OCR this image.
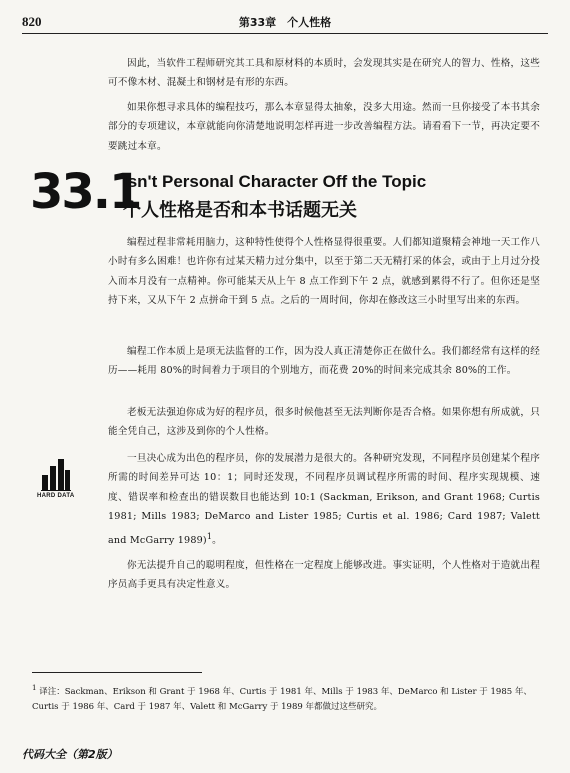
820	第33章　个人性格

因此，当软件工程师研究其工具和原材料的本质时，会发现其实是在研究人的智力、性格，这些可不像木材、混凝土和钢材是有形的东西。

如果你想寻求具体的编程技巧，那么本章显得太抽象，没多大用途。然而一旦你接受了本书其余部分的专项建议，本章就能向你清楚地说明怎样再进一步改善编程方法。请看看下一节，再决定要不要跳过本章。

33.1
Isn't Personal Character Off the Topic
个人性格是否和本书话题无关

编程过程非常耗用脑力，这种特性使得个人性格显得很重要。人们都知道聚精会神地一天工作八小时有多么困难！也许你有过某天精力过分集中，以至于第二天无精打采的体会，或由于上月过分投入而本月没有一点精神。你可能某天从上午 8 点工作到下午 2 点，就感到累得不行了。但你还是坚持下来，又从下午 2 点拼命干到 5 点。之后的一周时间，你却在修改这三小时里写出来的东西。

编程工作本质上是项无法监督的工作，因为没人真正清楚你正在做什么。我们都经常有这样的经历——耗用 80%的时间着力于项目的个别地方，而花费 20%的时间来完成其余 80%的工作。

老板无法强迫你成为好的程序员，很多时候他甚至无法判断你是否合格。如果你想有所成就，只能全凭自己，这涉及到你的个人性格。

HARD DATA

一旦决心成为出色的程序员，你的发展潜力是很大的。各种研究发现，不同程序员创建某个程序所需的时间差异可达 10：1；同时还发现，不同程序员调试程序所需的时间、程序实现规模、速度、错误率和检查出的错误数目也能达到 10:1 (Sackman, Erikson, and Grant 1968; Curtis 1981; Mills 1983; DeMarco and Lister 1985; Curtis et al. 1986; Card 1987; Valett and McGarry 1989)$^1$。

你无法提升自己的聪明程度，但性格在一定程度上能够改进。事实证明，个人性格对于造就出程序员高手更具有决定性意义。

$^1$ 译注：Sackman、Erikson 和 Grant 于 1968 年、Curtis 于 1981 年、Mills 于 1983 年、DeMarco 和 Lister 于 1985 年、Curtis 于 1986 年、Card 于 1987 年、Valett 和 McGarry 于 1989 年都做过这些研究。

代码大全（第2版）
